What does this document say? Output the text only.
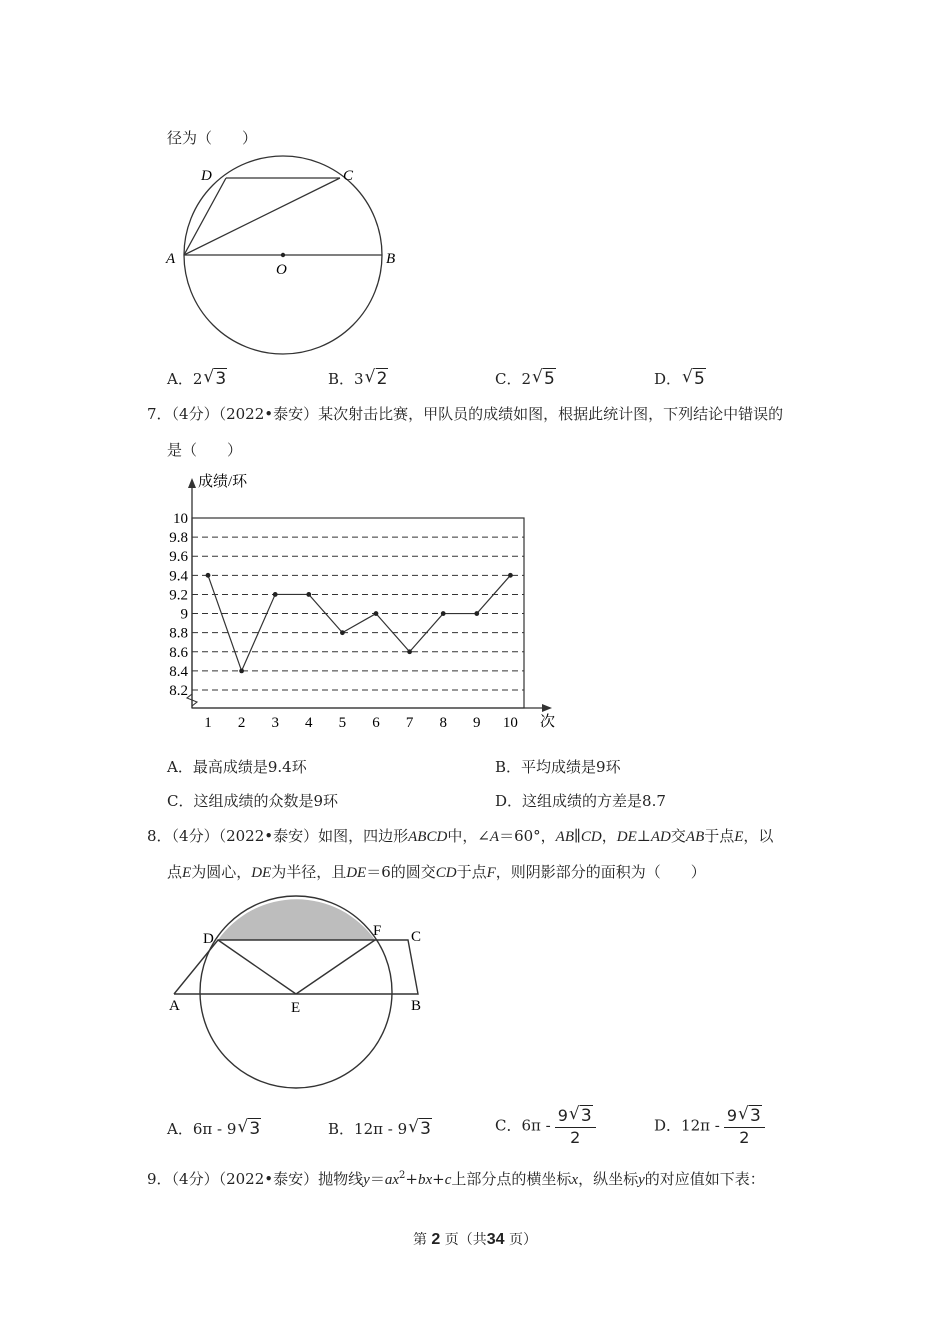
径为（　　）
D	C
A
O
B
A．2 √ 3	B．3 √ 2	C．2 √ 5	D． √ 5
7．（4分）（2022•泰安）某次射击比赛，甲队员的成绩如图，根据此统计图，下列结论中错误的
是（　　）
8.2
8.4
8.6
8.8
9
9.2
9.4
9.6
9.8
10
1 2 3 4 5 6 7 8 9 10
成绩/环
次
A．最高成绩是9.4环	B．平均成绩是9环
C．这组成绩的众数是9环	D．这组成绩的方差是8.7
8．（4分）（2022•泰安）如图，四边形ABCD中，∠A＝60°，AB∥CD，DE⊥AD交AB于点E，以
点E为圆心，DE为半径，且DE＝6的圆交CD于点F，则阴影部分的面积为（　　）
D	F C
A	E	B
A．6π - 9 √ 3	B．12π - 9 √ 3	C．$6\pi - \frac{9 √ 3}{2}$	D．$12\pi - \frac{9 √ 3}{2}$
9．（4分）（2022•泰安）抛物线$y=ax^2+bx+c$上部分点的横坐标x，纵坐标y的对应值如下表：
第 2 页（共34 页）
